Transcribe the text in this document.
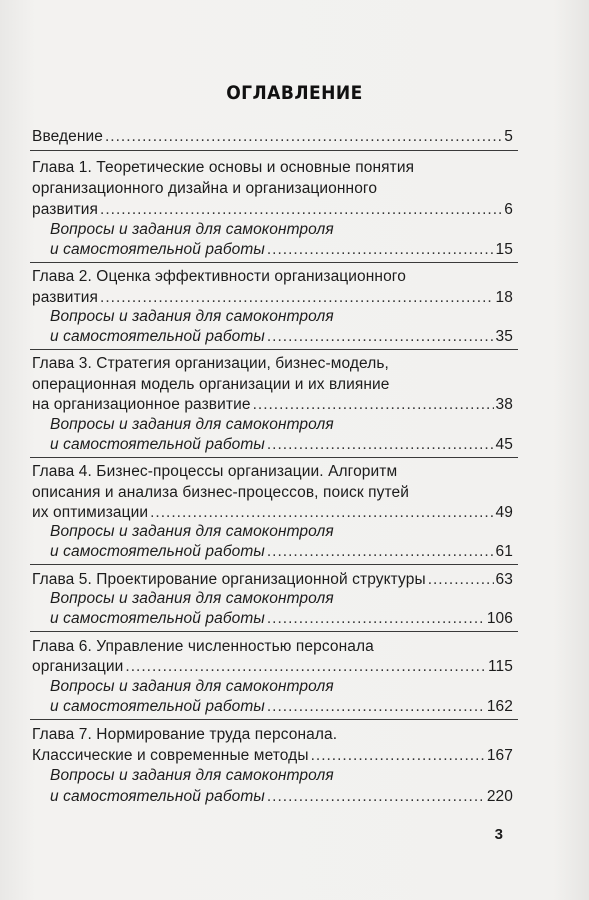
ОГЛАВЛЕНИЕ
Введение .....	5
Глава 1. Теоретические основы и основные понятия
организационного дизайна и организационного
развития .....	6
Вопросы и задания для самоконтроля
и самостоятельной работы .....	15
Глава 2. Оценка эффективности организационного
развития .....	18
Вопросы и задания для самоконтроля
и самостоятельной работы .....	35
Глава 3. Стратегия организации, бизнес-модель,
операционная модель организации и их влияние
на организационное развитие .....	38
Вопросы и задания для самоконтроля
и самостоятельной работы .....	45
Глава 4. Бизнес-процессы организации. Алгоритм
описания и анализа бизнес-процессов, поиск путей
их оптимизации .....	49
Вопросы и задания для самоконтроля
и самостоятельной работы .....	61
Глава 5. Проектирование организационной структуры .....	63
Вопросы и задания для самоконтроля
и самостоятельной работы .....	106
Глава 6. Управление численностью персонала
организации .....	115
Вопросы и задания для самоконтроля
и самостоятельной работы .....	162
Глава 7. Нормирование труда персонала.
Классические и современные методы .....	167
Вопросы и задания для самоконтроля
и самостоятельной работы .....	220
3
